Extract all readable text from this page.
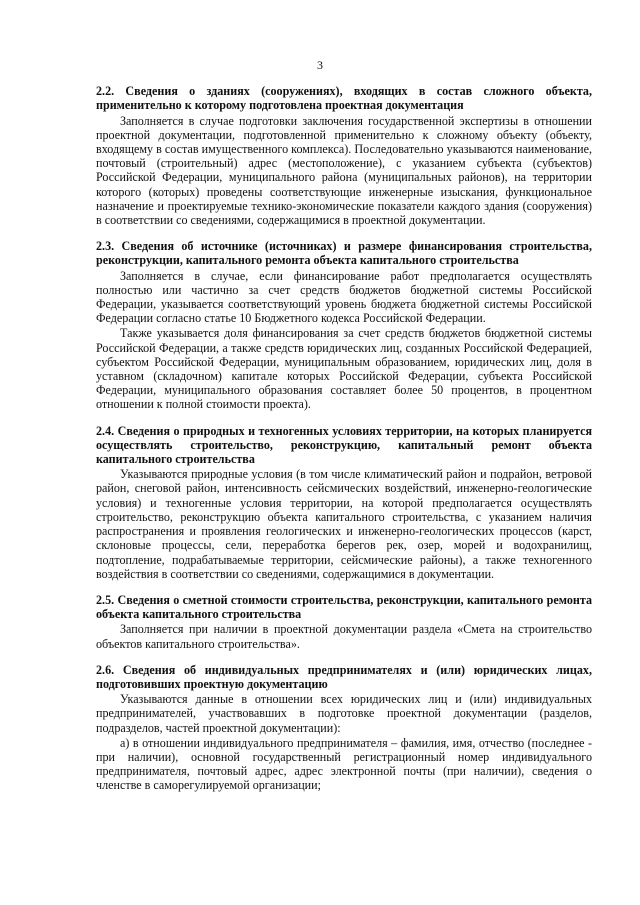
3
2.2. Сведения о зданиях (сооружениях), входящих в состав сложного объекта, применительно к которому подготовлена проектная документация
Заполняется в случае подготовки заключения государственной экспертизы в отношении проектной документации, подготовленной применительно к сложному объекту (объекту, входящему в состав имущественного комплекса). Последовательно указываются наименование, почтовый (строительный) адрес (местоположение), с указанием субъекта (субъектов) Российской Федерации, муниципального района (муниципальных районов), на территории которого (которых) проведены соответствующие инженерные изыскания, функциональное назначение и проектируемые технико-экономические показатели каждого здания (сооружения) в соответствии со сведениями, содержащимися в проектной документации.
2.3. Сведения об источнике (источниках) и размере финансирования строительства, реконструкции, капитального ремонта объекта капитального строительства
Заполняется в случае, если финансирование работ предполагается осуществлять полностью или частично за счет средств бюджетов бюджетной системы Российской Федерации, указывается соответствующий уровень бюджета бюджетной системы Российской Федерации согласно статье 10 Бюджетного кодекса Российской Федерации.
Также указывается доля финансирования за счет средств бюджетов бюджетной системы Российской Федерации, а также средств юридических лиц, созданных Российской Федерацией, субъектом Российской Федерации, муниципальным образованием, юридических лиц, доля в уставном (складочном) капитале которых Российской Федерации, субъекта Российской Федерации, муниципального образования составляет более 50 процентов, в процентном отношении к полной стоимости проекта).
2.4. Сведения о природных и техногенных условиях территории, на которых планируется осуществлять строительство, реконструкцию, капитальный ремонт объекта капитального строительства
Указываются природные условия (в том числе климатический район и подрайон, ветровой район, снеговой район, интенсивность сейсмических воздействий, инженерно-геологические условия) и техногенные условия территории, на которой предполагается осуществлять строительство, реконструкцию объекта капитального строительства, с указанием наличия распространения и проявления геологических и инженерно-геологических процессов (карст, склоновые процессы, сели, переработка берегов рек, озер, морей и водохранилищ, подтопление, подрабатываемые территории, сейсмические районы), а также техногенного воздействия в соответствии со сведениями, содержащимися в документации.
2.5. Сведения о сметной стоимости строительства, реконструкции, капитального ремонта объекта капитального строительства
Заполняется при наличии в проектной документации раздела «Смета на строительство объектов капитального строительства».
2.6. Сведения об индивидуальных предпринимателях и (или) юридических лицах, подготовивших проектную документацию
Указываются данные в отношении всех юридических лиц и (или) индивидуальных предпринимателей, участвовавших в подготовке проектной документации (разделов, подразделов, частей проектной документации):
а) в отношении индивидуального предпринимателя – фамилия, имя, отчество (последнее - при наличии), основной государственный регистрационный номер индивидуального предпринимателя, почтовый адрес, адрес электронной почты (при наличии), сведения о членстве в саморегулируемой организации;
